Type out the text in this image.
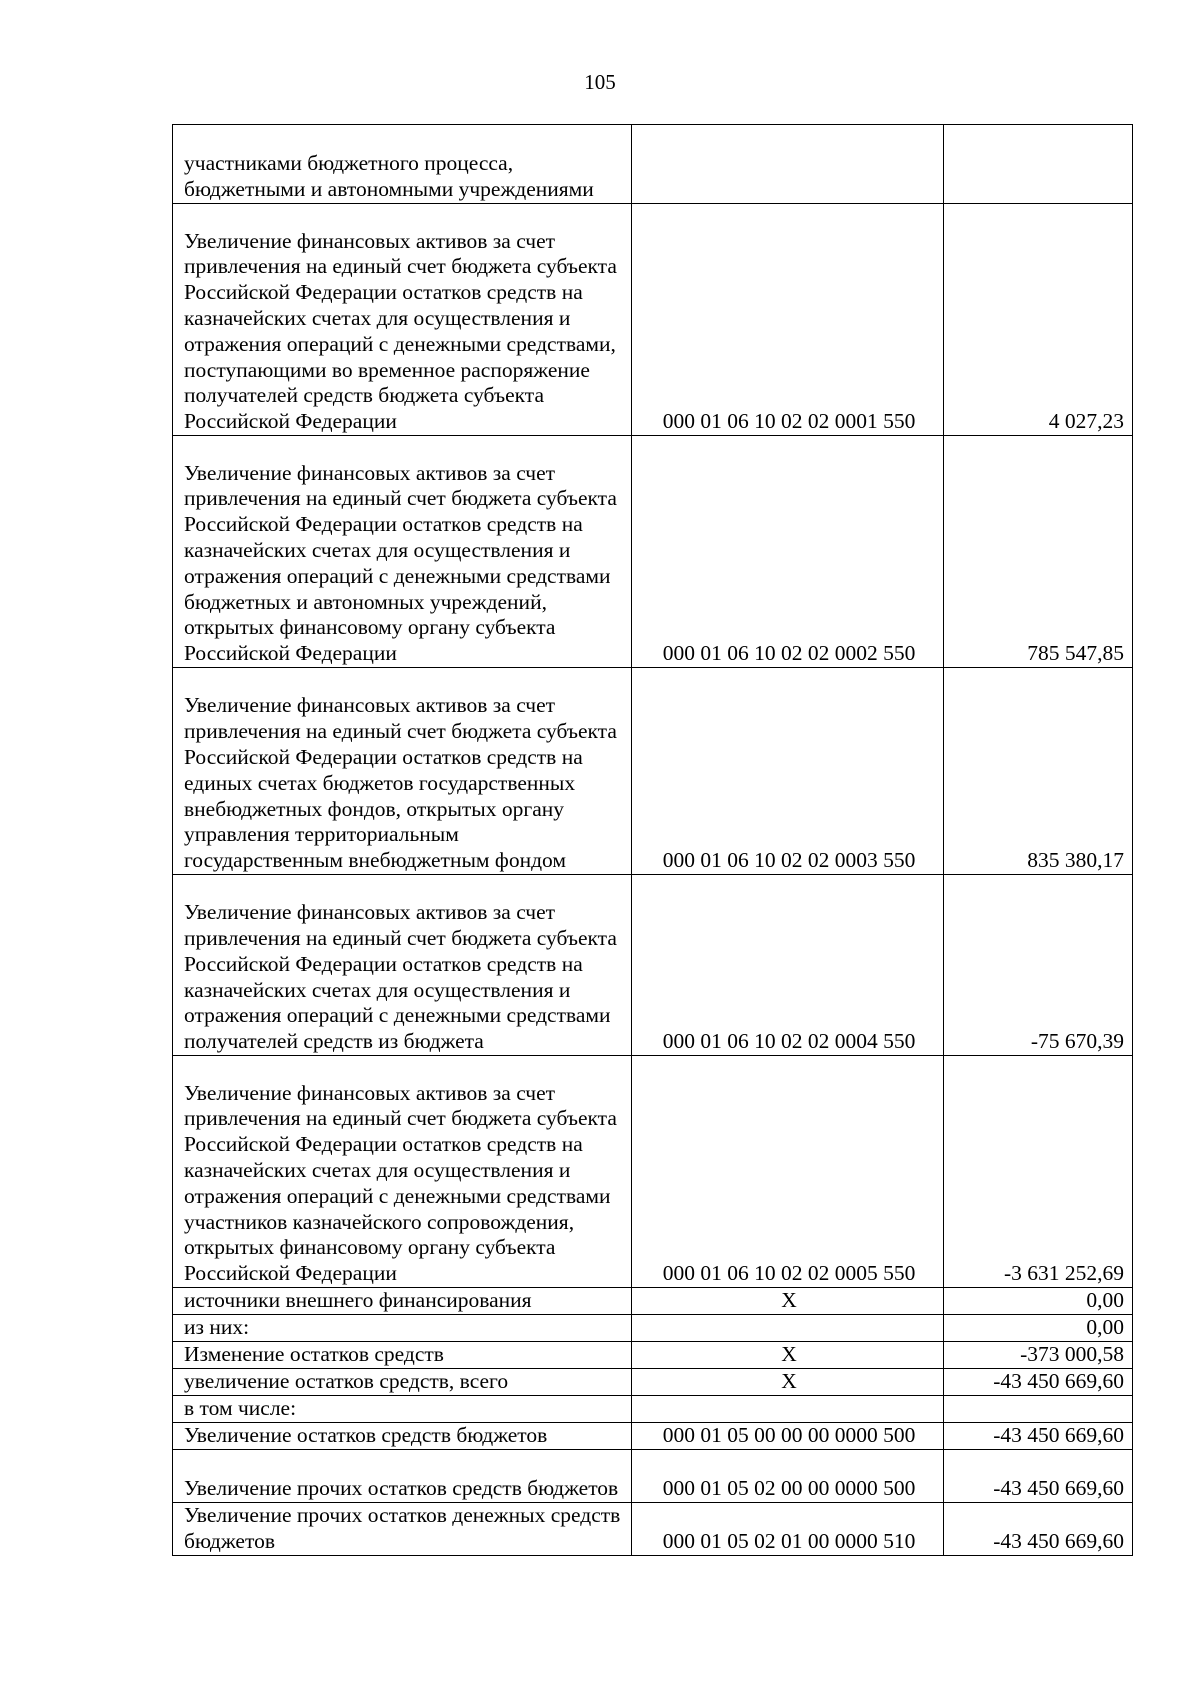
105
участниками бюджетного процесса, бюджетными и автономными учреждениями		
Увеличение финансовых активов за счет привлечения на единый счет бюджета субъекта Российской Федерации остатков средств на казначейских счетах для осуществления и отражения операций с денежными средствами, поступающими во временное распоряжение получателей средств бюджета субъекта Российской Федерации	000 01 06 10 02 02 0001 550	4 027,23
Увеличение финансовых активов за счет привлечения на единый счет бюджета субъекта Российской Федерации остатков средств на казначейских счетах для осуществления и отражения операций с денежными средствами бюджетных и автономных учреждений, открытых финансовому органу субъекта Российской Федерации	000 01 06 10 02 02 0002 550	785 547,85
Увеличение финансовых активов за счет привлечения на единый счет бюджета субъекта Российской Федерации остатков средств на единых счетах бюджетов государственных внебюджетных фондов, открытых органу управления территориальным государственным внебюджетным фондом	000 01 06 10 02 02 0003 550	835 380,17
Увеличение финансовых активов за счет привлечения на единый счет бюджета субъекта Российской Федерации остатков средств на казначейских счетах для осуществления и отражения операций с денежными средствами получателей средств из бюджета	000 01 06 10 02 02 0004 550	-75 670,39
Увеличение финансовых активов за счет привлечения на единый счет бюджета субъекта Российской Федерации остатков средств на казначейских счетах для осуществления и отражения операций с денежными средствами участников казначейского сопровождения, открытых финансовому органу субъекта Российской Федерации	000 01 06 10 02 02 0005 550	-3 631 252,69
источники внешнего финансирования	Х	0,00
из них:		0,00
Изменение остатков средств	Х	-373 000,58
увеличение остатков средств, всего	Х	-43 450 669,60
в том числе:		
Увеличение остатков средств бюджетов	000 01 05 00 00 00 0000 500	-43 450 669,60
Увеличение прочих остатков средств бюджетов	000 01 05 02 00 00 0000 500	-43 450 669,60
Увеличение прочих остатков денежных средств бюджетов	000 01 05 02 01 00 0000 510	-43 450 669,60
